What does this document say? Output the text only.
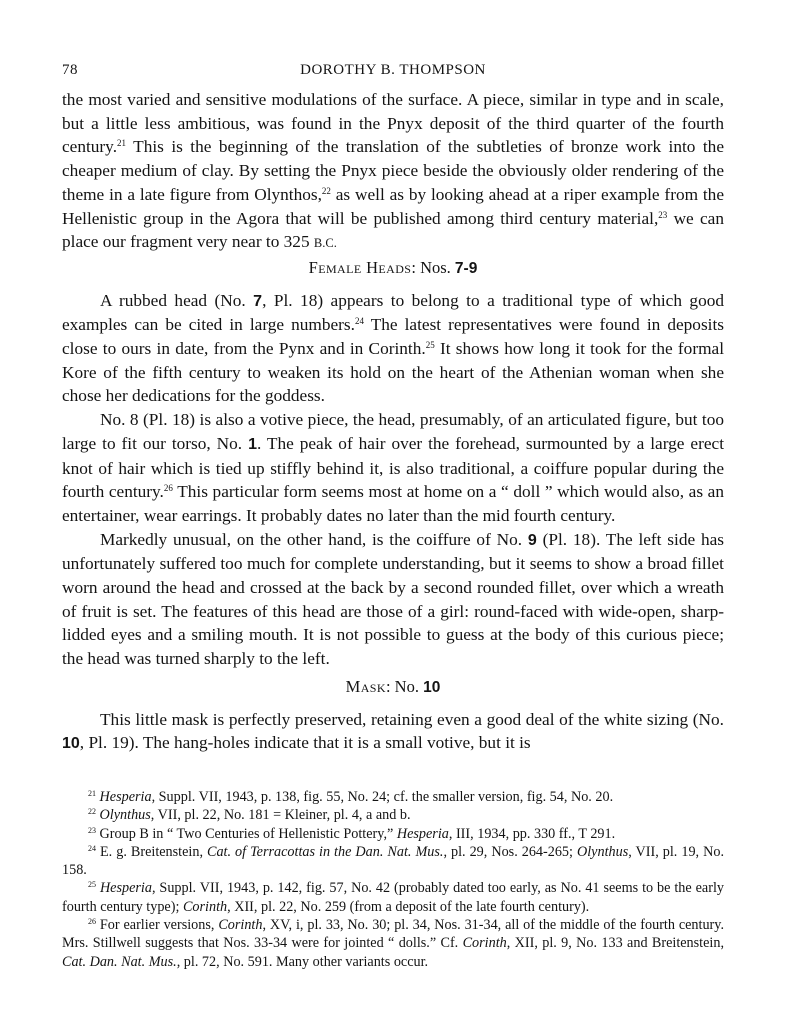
78	DOROTHY B. THOMPSON

the most varied and sensitive modulations of the surface. A piece, similar in type and in scale, but a little less ambitious, was found in the Pnyx deposit of the third quarter of the fourth century.$^{21}$ This is the beginning of the translation of the subtleties of bronze work into the cheaper medium of clay. By setting the Pnyx piece beside the obviously older rendering of the theme in a late figure from Olynthos,$^{22}$ as well as by looking ahead at a riper example from the Hellenistic group in the Agora that will be published among third century material,$^{23}$ we can place our fragment very near to 325 B.C.

Female Heads: Nos. 7-9

A rubbed head (No. 7, Pl. 18) appears to belong to a traditional type of which good examples can be cited in large numbers.$^{24}$ The latest representatives were found in deposits close to ours in date, from the Pynx and in Corinth.$^{25}$ It shows how long it took for the formal Kore of the fifth century to weaken its hold on the heart of the Athenian woman when she chose her dedications for the goddess.

No. 8 (Pl. 18) is also a votive piece, the head, presumably, of an articulated figure, but too large to fit our torso, No. 1. The peak of hair over the forehead, surmounted by a large erect knot of hair which is tied up stiffly behind it, is also traditional, a coiffure popular during the fourth century.$^{26}$ This particular form seems most at home on a “ doll ” which would also, as an entertainer, wear earrings. It probably dates no later than the mid fourth century.

Markedly unusual, on the other hand, is the coiffure of No. 9 (Pl. 18). The left side has unfortunately suffered too much for complete understanding, but it seems to show a broad fillet worn around the head and crossed at the back by a second rounded fillet, over which a wreath of fruit is set. The features of this head are those of a girl: round-faced with wide-open, sharp-lidded eyes and a smiling mouth. It is not possible to guess at the body of this curious piece; the head was turned sharply to the left.

Mask: No. 10

This little mask is perfectly preserved, retaining even a good deal of the white sizing (No. 10, Pl. 19). The hang-holes indicate that it is a small votive, but it is

$^{21}$ Hesperia, Suppl. VII, 1943, p. 138, fig. 55, No. 24; cf. the smaller version, fig. 54, No. 20.

$^{22}$ Olynthus, VII, pl. 22, No. 181 = Kleiner, pl. 4, a and b.

$^{23}$ Group B in “ Two Centuries of Hellenistic Pottery,” Hesperia, III, 1934, pp. 330 ff., T 291.

$^{24}$ E. g. Breitenstein, Cat. of Terracottas in the Dan. Nat. Mus., pl. 29, Nos. 264-265; Olynthus, VII, pl. 19, No. 158.

$^{25}$ Hesperia, Suppl. VII, 1943, p. 142, fig. 57, No. 42 (probably dated too early, as No. 41 seems to be the early fourth century type); Corinth, XII, pl. 22, No. 259 (from a deposit of the late fourth century).

$^{26}$ For earlier versions, Corinth, XV, i, pl. 33, No. 30; pl. 34, Nos. 31-34, all of the middle of the fourth century. Mrs. Stillwell suggests that Nos. 33-34 were for jointed “ dolls.” Cf. Corinth, XII, pl. 9, No. 133 and Breitenstein, Cat. Dan. Nat. Mus., pl. 72, No. 591. Many other variants occur.
